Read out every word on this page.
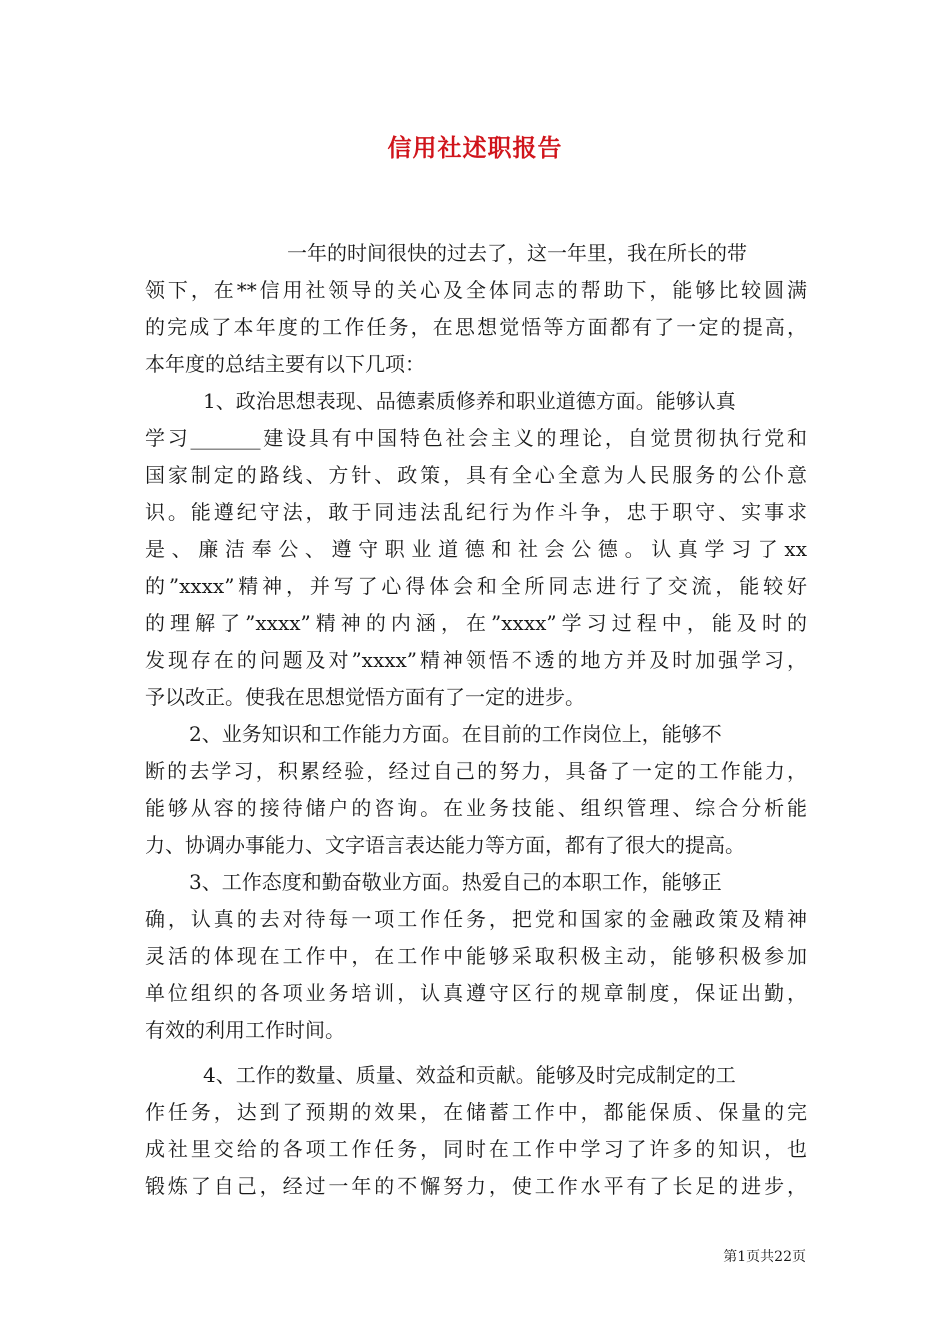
信用社述职报告
一年的时间很快的过去了，这一年里，我在所长的带
领下，在**信用社领导的关心及全体同志的帮助下，能够比较圆满
的完成了本年度的工作任务，在思想觉悟等方面都有了一定的提高，
本年度的总结主要有以下几项：
1、政治思想表现、品德素质修养和职业道德方面。能够认真
学习_______建设具有中国特色社会主义的理论，自觉贯彻执行党和
国家制定的路线、方针、政策，具有全心全意为人民服务的公仆意
识。能遵纪守法，敢于同违法乱纪行为作斗争，忠于职守、实事求
是、廉洁奉公、遵守职业道德和社会公德。认真学习了xx
的”xxxx”精神，并写了心得体会和全所同志进行了交流，能较好
的理解了”xxxx”精神的内涵，在”xxxx”学习过程中，能及时的
发现存在的问题及对”xxxx”精神领悟不透的地方并及时加强学习，
予以改正。使我在思想觉悟方面有了一定的进步。
2、业务知识和工作能力方面。在目前的工作岗位上，能够不
断的去学习，积累经验，经过自己的努力，具备了一定的工作能力，
能够从容的接待储户的咨询。在业务技能、组织管理、综合分析能
力、协调办事能力、文字语言表达能力等方面，都有了很大的提高。
3、工作态度和勤奋敬业方面。热爱自己的本职工作，能够正
确，认真的去对待每一项工作任务，把党和国家的金融政策及精神
灵活的体现在工作中，在工作中能够采取积极主动，能够积极参加
单位组织的各项业务培训，认真遵守区行的规章制度，保证出勤，
有效的利用工作时间。
4、工作的数量、质量、效益和贡献。能够及时完成制定的工
作任务，达到了预期的效果，在储蓄工作中，都能保质、保量的完
成社里交给的各项工作任务，同时在工作中学习了许多的知识，也
锻炼了自己，经过一年的不懈努力，使工作水平有了长足的进步，
第1页共22页
